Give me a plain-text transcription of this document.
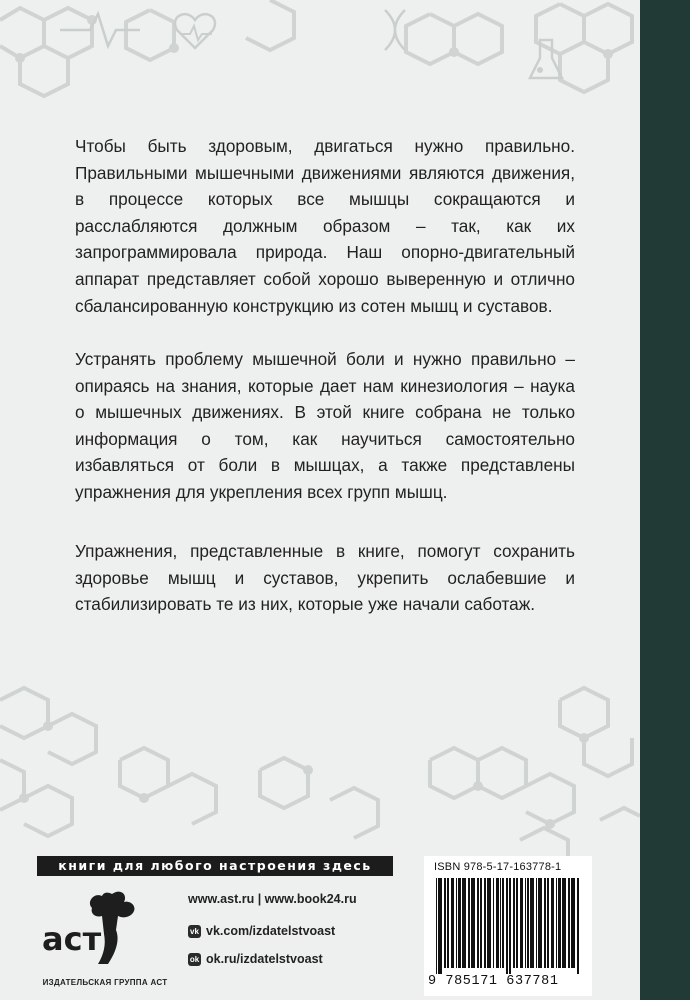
Чтобы быть здоровым, двигаться нужно правильно. Правильными мышечными движениями являются движения, в процессе которых все мышцы сокращаются и расслабляются должным образом – так, как их запрограммировала природа. Наш опорно-двигательный аппарат представляет собой хорошо выверенную и отлично сбалансированную конструкцию из сотен мышц и суставов.

Устранять проблему мышечной боли и нужно правильно – опираясь на знания, которые дает нам кинезиология – наука о мышечных движениях. В этой книге собрана не только информация о том, как научиться самостоятельно избавляться от боли в мышцах, а также представлены упражнения для укрепления всех групп мышц.

Упражнения, представленные в книге, помогут сохранить здоровье мышц и суставов, укрепить ослабевшие и стабилизировать те из них, которые уже начали саботаж.

книги для любого настроения здесь
аст
ИЗДАТЕЛЬСКАЯ ГРУППА АСТ
www.ast.ru | www.book24.ru
vk vk.com/izdatelstvoast
ok ok.ru/izdatelstvoast
ISBN 978-5-17-163778-1
9 785171 637781
